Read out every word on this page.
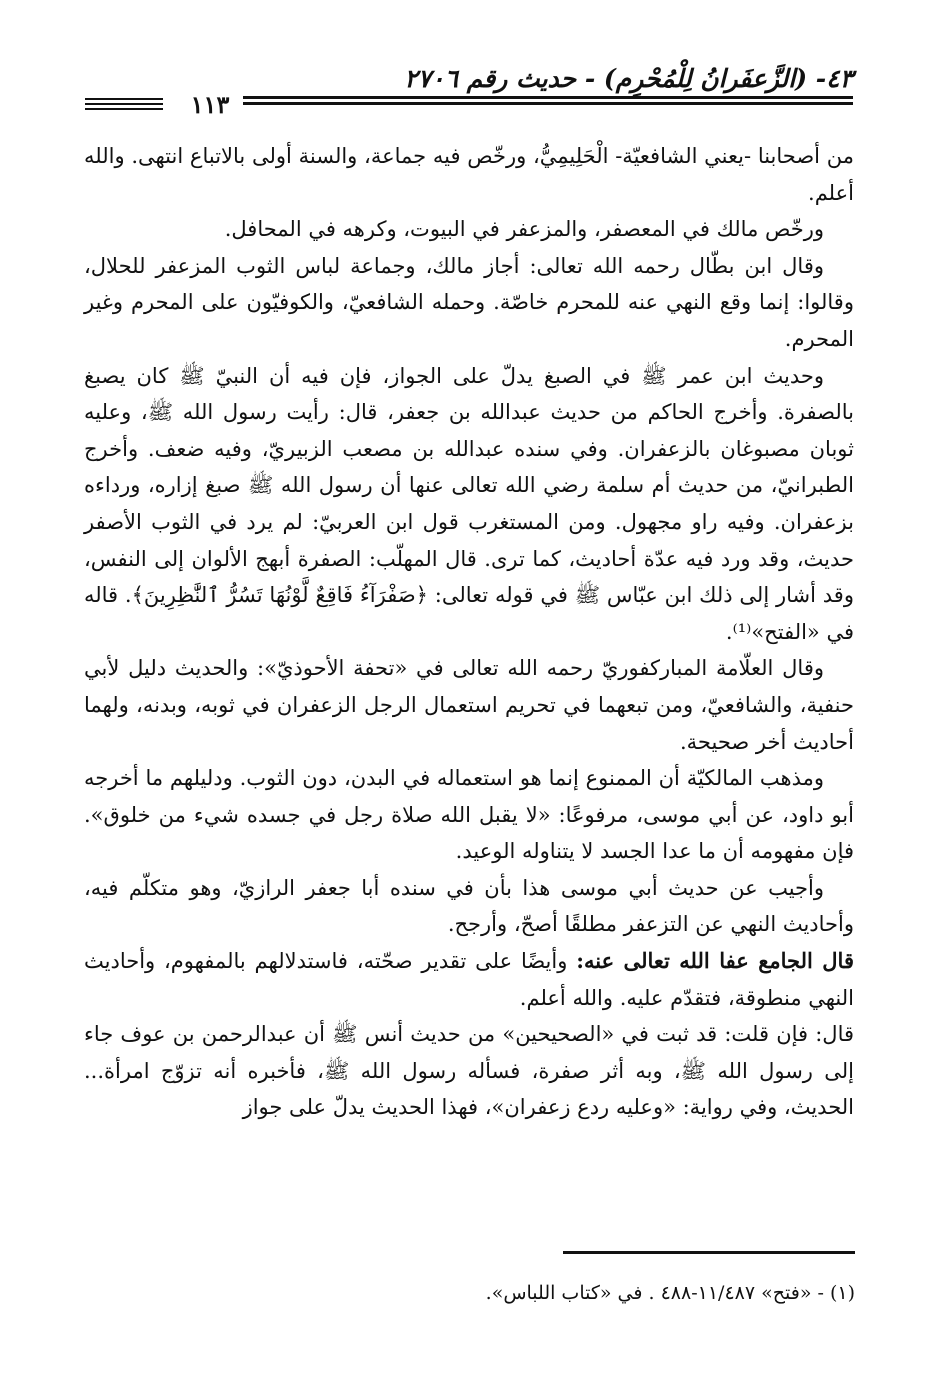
٤٣- (الزَّعفَرانُ لِلْمُحْرِم) - حديث رقم ٢٧٠٦
١١٣

من أصحابنا -يعني الشافعيّة- الْحَلِيمِيُّ، ورخّص فيه جماعة، والسنة أولى بالاتباع انتهى. والله أعلم.

ورخّص مالك في المعصفر، والمزعفر في البيوت، وكرهه في المحافل.

وقال ابن بطّال رحمه الله تعالى: أجاز مالك، وجماعة لباس الثوب المزعفر للحلال، وقالوا: إنما وقع النهي عنه للمحرم خاصّة. وحمله الشافعيّ، والكوفيّون على المحرم وغير المحرم.

وحديث ابن عمر ﷺ في الصبغ يدلّ على الجواز، فإن فيه أن النبيّ ﷺ كان يصبغ بالصفرة. وأخرج الحاكم من حديث عبدالله بن جعفر، قال: رأيت رسول الله ﷺ، وعليه ثوبان مصبوغان بالزعفران. وفي سنده عبدالله بن مصعب الزبيريّ، وفيه ضعف. وأخرج الطبرانيّ، من حديث أم سلمة رضي الله تعالى عنها أن رسول الله ﷺ صبغ إزاره، ورداءه بزعفران. وفيه راو مجهول. ومن المستغرب قول ابن العربيّ: لم يرد في الثوب الأصفر حديث، وقد ورد فيه عدّة أحاديث، كما ترى. قال المهلّب: الصفرة أبهج الألوان إلى النفس، وقد أشار إلى ذلك ابن عبّاس ﷺ في قوله تعالى: ﴿صَفْرَآءُ فَاقِعٌ لَّوْنُهَا تَسُرُّ ٱلنَّٰظِرِينَ﴾. قاله في «الفتح»⁽¹⁾.

وقال العلّامة المباركفوريّ رحمه الله تعالى في «تحفة الأحوذيّ»: والحديث دليل لأبي حنفية، والشافعيّ، ومن تبعهما في تحريم استعمال الرجل الزعفران في ثوبه، وبدنه، ولهما أحاديث أخر صحيحة.

ومذهب المالكيّة أن الممنوع إنما هو استعماله في البدن، دون الثوب. ودليلهم ما أخرجه أبو داود، عن أبي موسى، مرفوعًا: «لا يقبل الله صلاة رجل في جسده شيء من خلوق». فإن مفهومه أن ما عدا الجسد لا يتناوله الوعيد.

وأجيب عن حديث أبي موسى هذا بأن في سنده أبا جعفر الرازيّ، وهو متكلّم فيه، وأحاديث النهي عن التزعفر مطلقًا أصحّ، وأرجح.

قال الجامع عفا الله تعالى عنه: وأيضًا على تقدير صحّته، فاستدلالهم بالمفهوم، وأحاديث النهي منطوقة، فتقدّم عليه. والله أعلم.

قال: فإن قلت: قد ثبت في «الصحيحين» من حديث أنس ﷺ أن عبدالرحمن بن عوف جاء إلى رسول الله ﷺ، وبه أثر صفرة، فسأله رسول الله ﷺ، فأخبره أنه تزوّج امرأة... الحديث، وفي رواية: «وعليه ردع زعفران»، فهذا الحديث يدلّ على جواز

(١) - «فتح» ١١/٤٨٧-٤٨٨ . في «كتاب اللباس».
